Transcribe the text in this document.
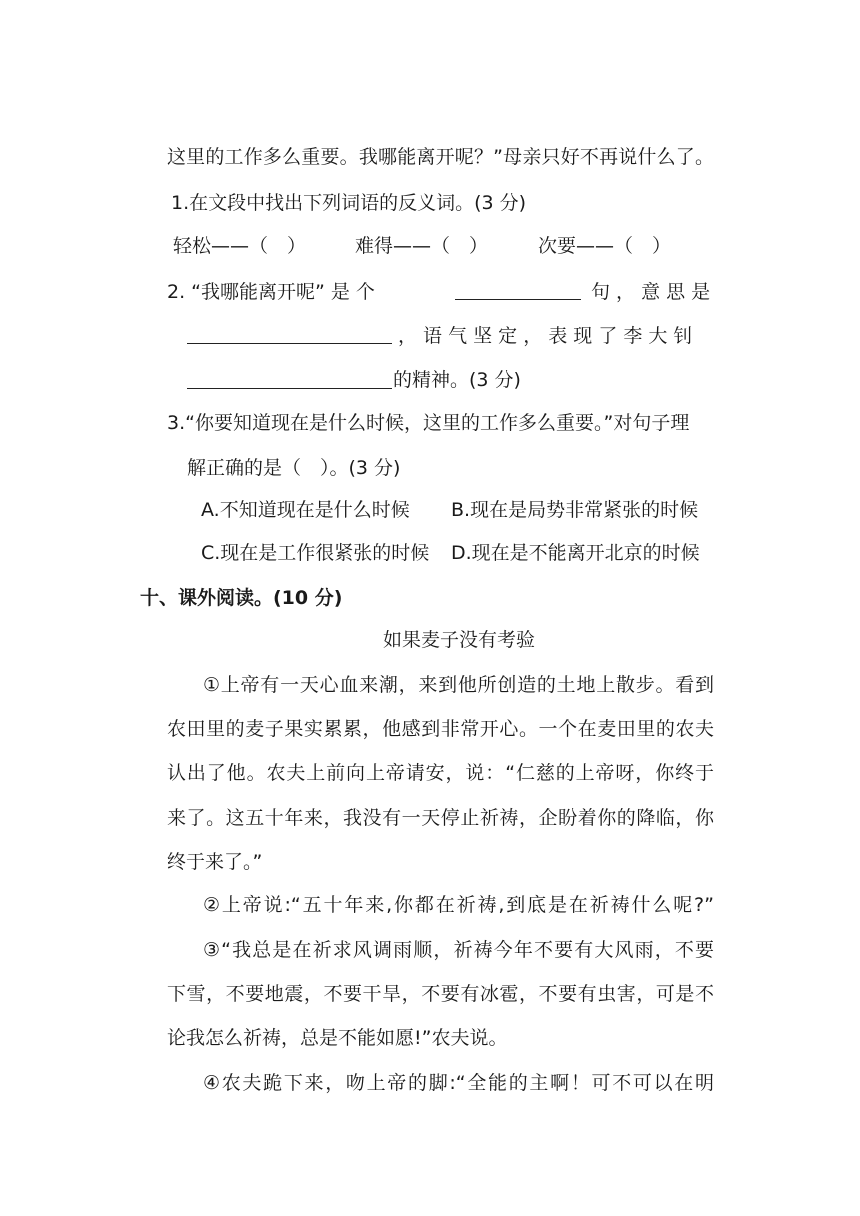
这里的工作多么重要。我哪能离开呢？”母亲只好不再说什么了。
1.在文段中找出下列词语的反义词。(3 分)
轻松——（　）	难得——（　）	次要——（　）
2. “我哪能离开呢” 是 个	句 ， 意 思 是
， 语 气 坚 定 ， 表 现 了 李 大 钊
的精神。(3 分)
3.“你要知道现在是什么时候，这里的工作多么重要。”对句子理
解正确的是（　）。(3 分)
A.不知道现在是什么时候 B.现在是局势非常紧张的时候
C.现在是工作很紧张的时候 D.现在是不能离开北京的时候
十、课外阅读。(10 分)
如果麦子没有考验
①上帝有一天心血来潮，来到他所创造的土地上散步。看到
农田里的麦子果实累累，他感到非常开心。一个在麦田里的农夫
认出了他。农夫上前向上帝请安，说：“仁慈的上帝呀，你终于
来了。这五十年来，我没有一天停止祈祷，企盼着你的降临，你
终于来了。”
②上帝说:“五十年来,你都在祈祷,到底是在祈祷什么呢?”
③“我总是在祈求风调雨顺，祈祷今年不要有大风雨，不要
下雪，不要地震，不要干旱，不要有冰雹，不要有虫害，可是不
论我怎么祈祷，总是不能如愿!”农夫说。
④农夫跪下来，吻上帝的脚:“全能的主啊！可不可以在明
